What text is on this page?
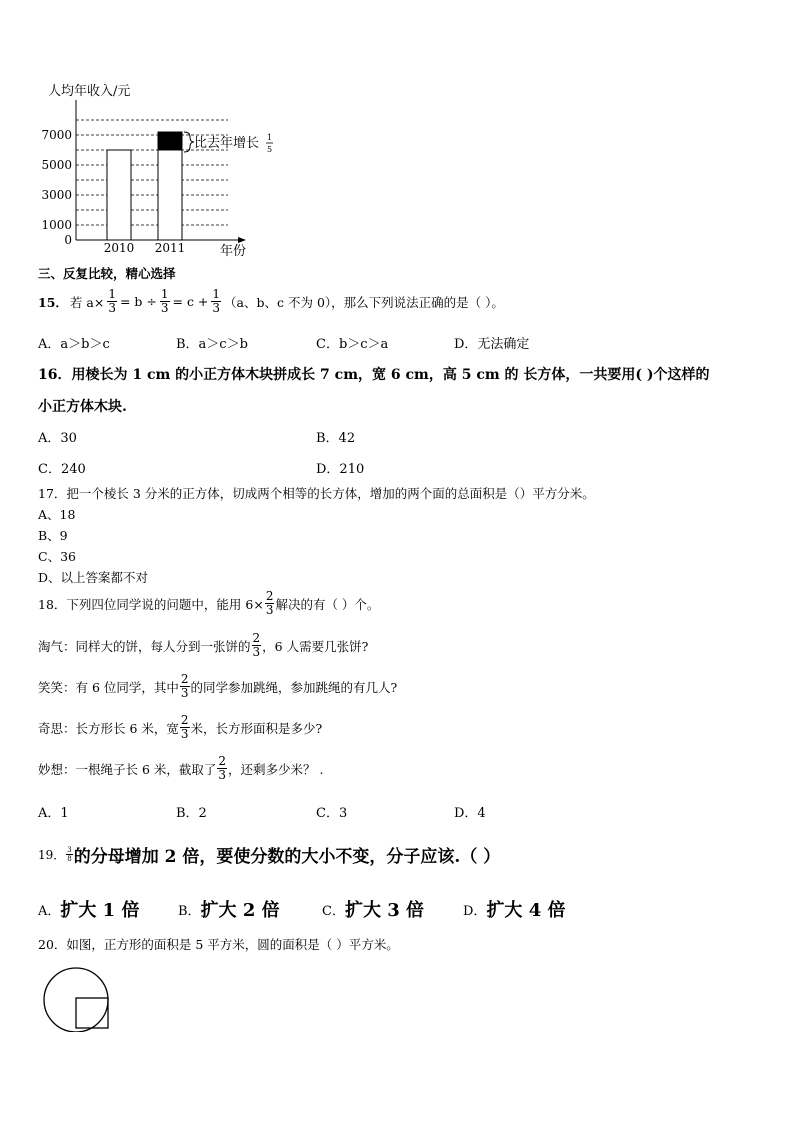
人均年收入/元
0
1000
3000
5000
7000
2010 2011	年份
比去年增长 1
5
三、反复比较，精心选择
15． 若 $a\times \frac{1}{3} = b \div \frac{1}{3} = c + \frac{1}{3} (a$、b、c 不为 0），那么下列说法正确的是（ ）。
A．a＞b＞c	B．a＞c＞b	C．b＞c＞a	D．无法确定
16．用棱长为 1 cm 的小正方体木块拼成长 7 cm，宽 6 cm，高 5 cm 的 长方体，一共要用( )个这样的
小正方体木块.
A．30	B．42
C．240	D．210
17．把一个棱长 3 分米的正方体，切成两个相等的长方体，增加的两个面的总面积是（）平方分米。
A、18
B、9
C、36
D、以上答案都不对
18．下列四位同学说的问题中，能用 $6\times \frac{2}{3}$ 解决的有（ ）个。
淘气：同样大的饼，每人分到一张饼的 $\frac{2}{3}$ ，6 人需要几张饼?
笑笑：有 6 位同学，其中 $\frac{2}{3}$ 的同学参加跳绳，参加跳绳的有几人?
奇思：长方形长 6 米，宽 $\frac{2}{3}$ 米，长方形面积是多少?
妙想：一根绳子长 6 米，截取了 $\frac{2}{3}$ ，还剩多少米？ .
A．1	B．2	C．3	D．4
19． $\frac{3}{8}$ 的分母增加 2 倍，要使分数的大小不变，分子应该.（ ）
A． 扩大 1 倍	B． 扩大 2 倍	C． 扩大 3 倍	D． 扩大 4 倍
20．如图，正方形的面积是 5 平方米，圆的面积是（ ）平方米。
